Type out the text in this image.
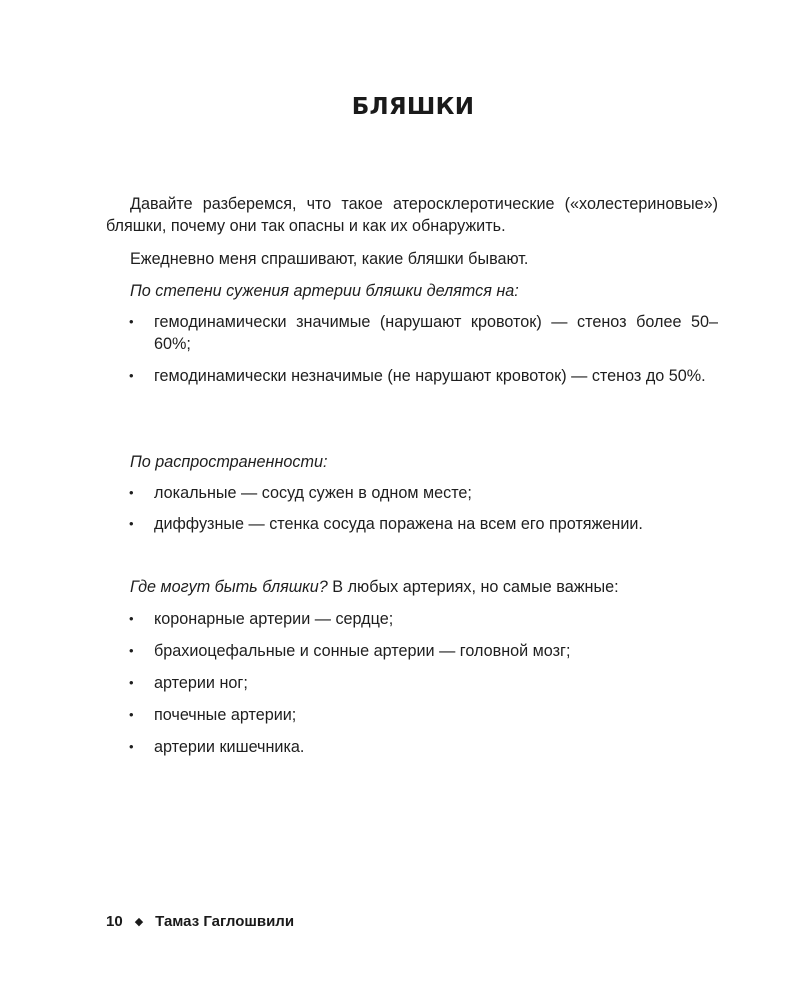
БЛЯШКИ

Давайте разберемся, что такое атеросклеротические («холестериновые») бляшки, почему они так опасны и как их обнаружить.

Ежедневно меня спрашивают, какие бляшки бывают.

По степени сужения артерии бляшки делятся на:

• гемодинамически значимые (нарушают кровоток) — стеноз более 50–60%;
• гемодинамически незначимые (не нарушают кровоток) — стеноз до 50%.

По распространенности:

• локальные — сосуд сужен в одном месте;
• диффузные — стенка сосуда поражена на всем его протяжении.

Где могут быть бляшки? В любых артериях, но самые важные:

• коронарные артерии — сердце;
• брахиоцефальные и сонные артерии — головной мозг;
• артерии ног;
• почечные артерии;
• артерии кишечника.
10 ◆ Тамаз Гаглошвили
